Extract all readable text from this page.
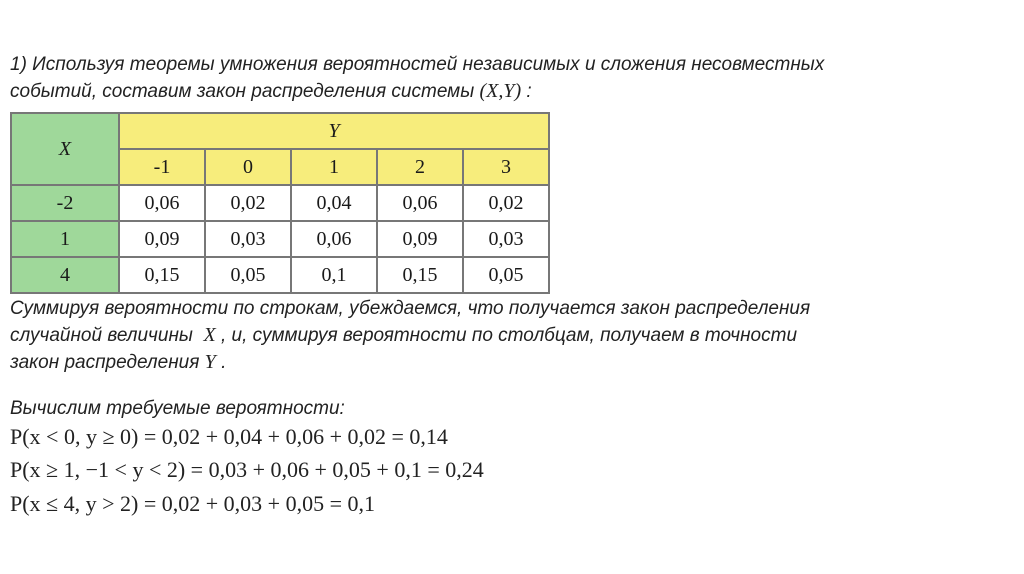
1) Используя теоремы умножения вероятностей независимых и сложения несовместных
событий, составим закон распределения системы (X,Y) :
X	Y				
	-1	0	1	2	3
-2	0,06	0,02	0,04	0,06	0,02
1	0,09	0,03	0,06	0,09	0,03
4	0,15	0,05	0,1	0,15	0,05
Суммируя вероятности по строкам, убеждаемся, что получается закон распределения
случайной величины X , и, суммируя вероятности по столбцам, получаем в точности
закон распределения Y .
Вычислим требуемые вероятности:
P(x < 0, y ≥ 0) = 0,02 + 0,04 + 0,06 + 0,02 = 0,14
P(x ≥ 1, −1 < y < 2) = 0,03 + 0,06 + 0,05 + 0,1 = 0,24
P(x ≤ 4, y > 2) = 0,02 + 0,03 + 0,05 = 0,1
